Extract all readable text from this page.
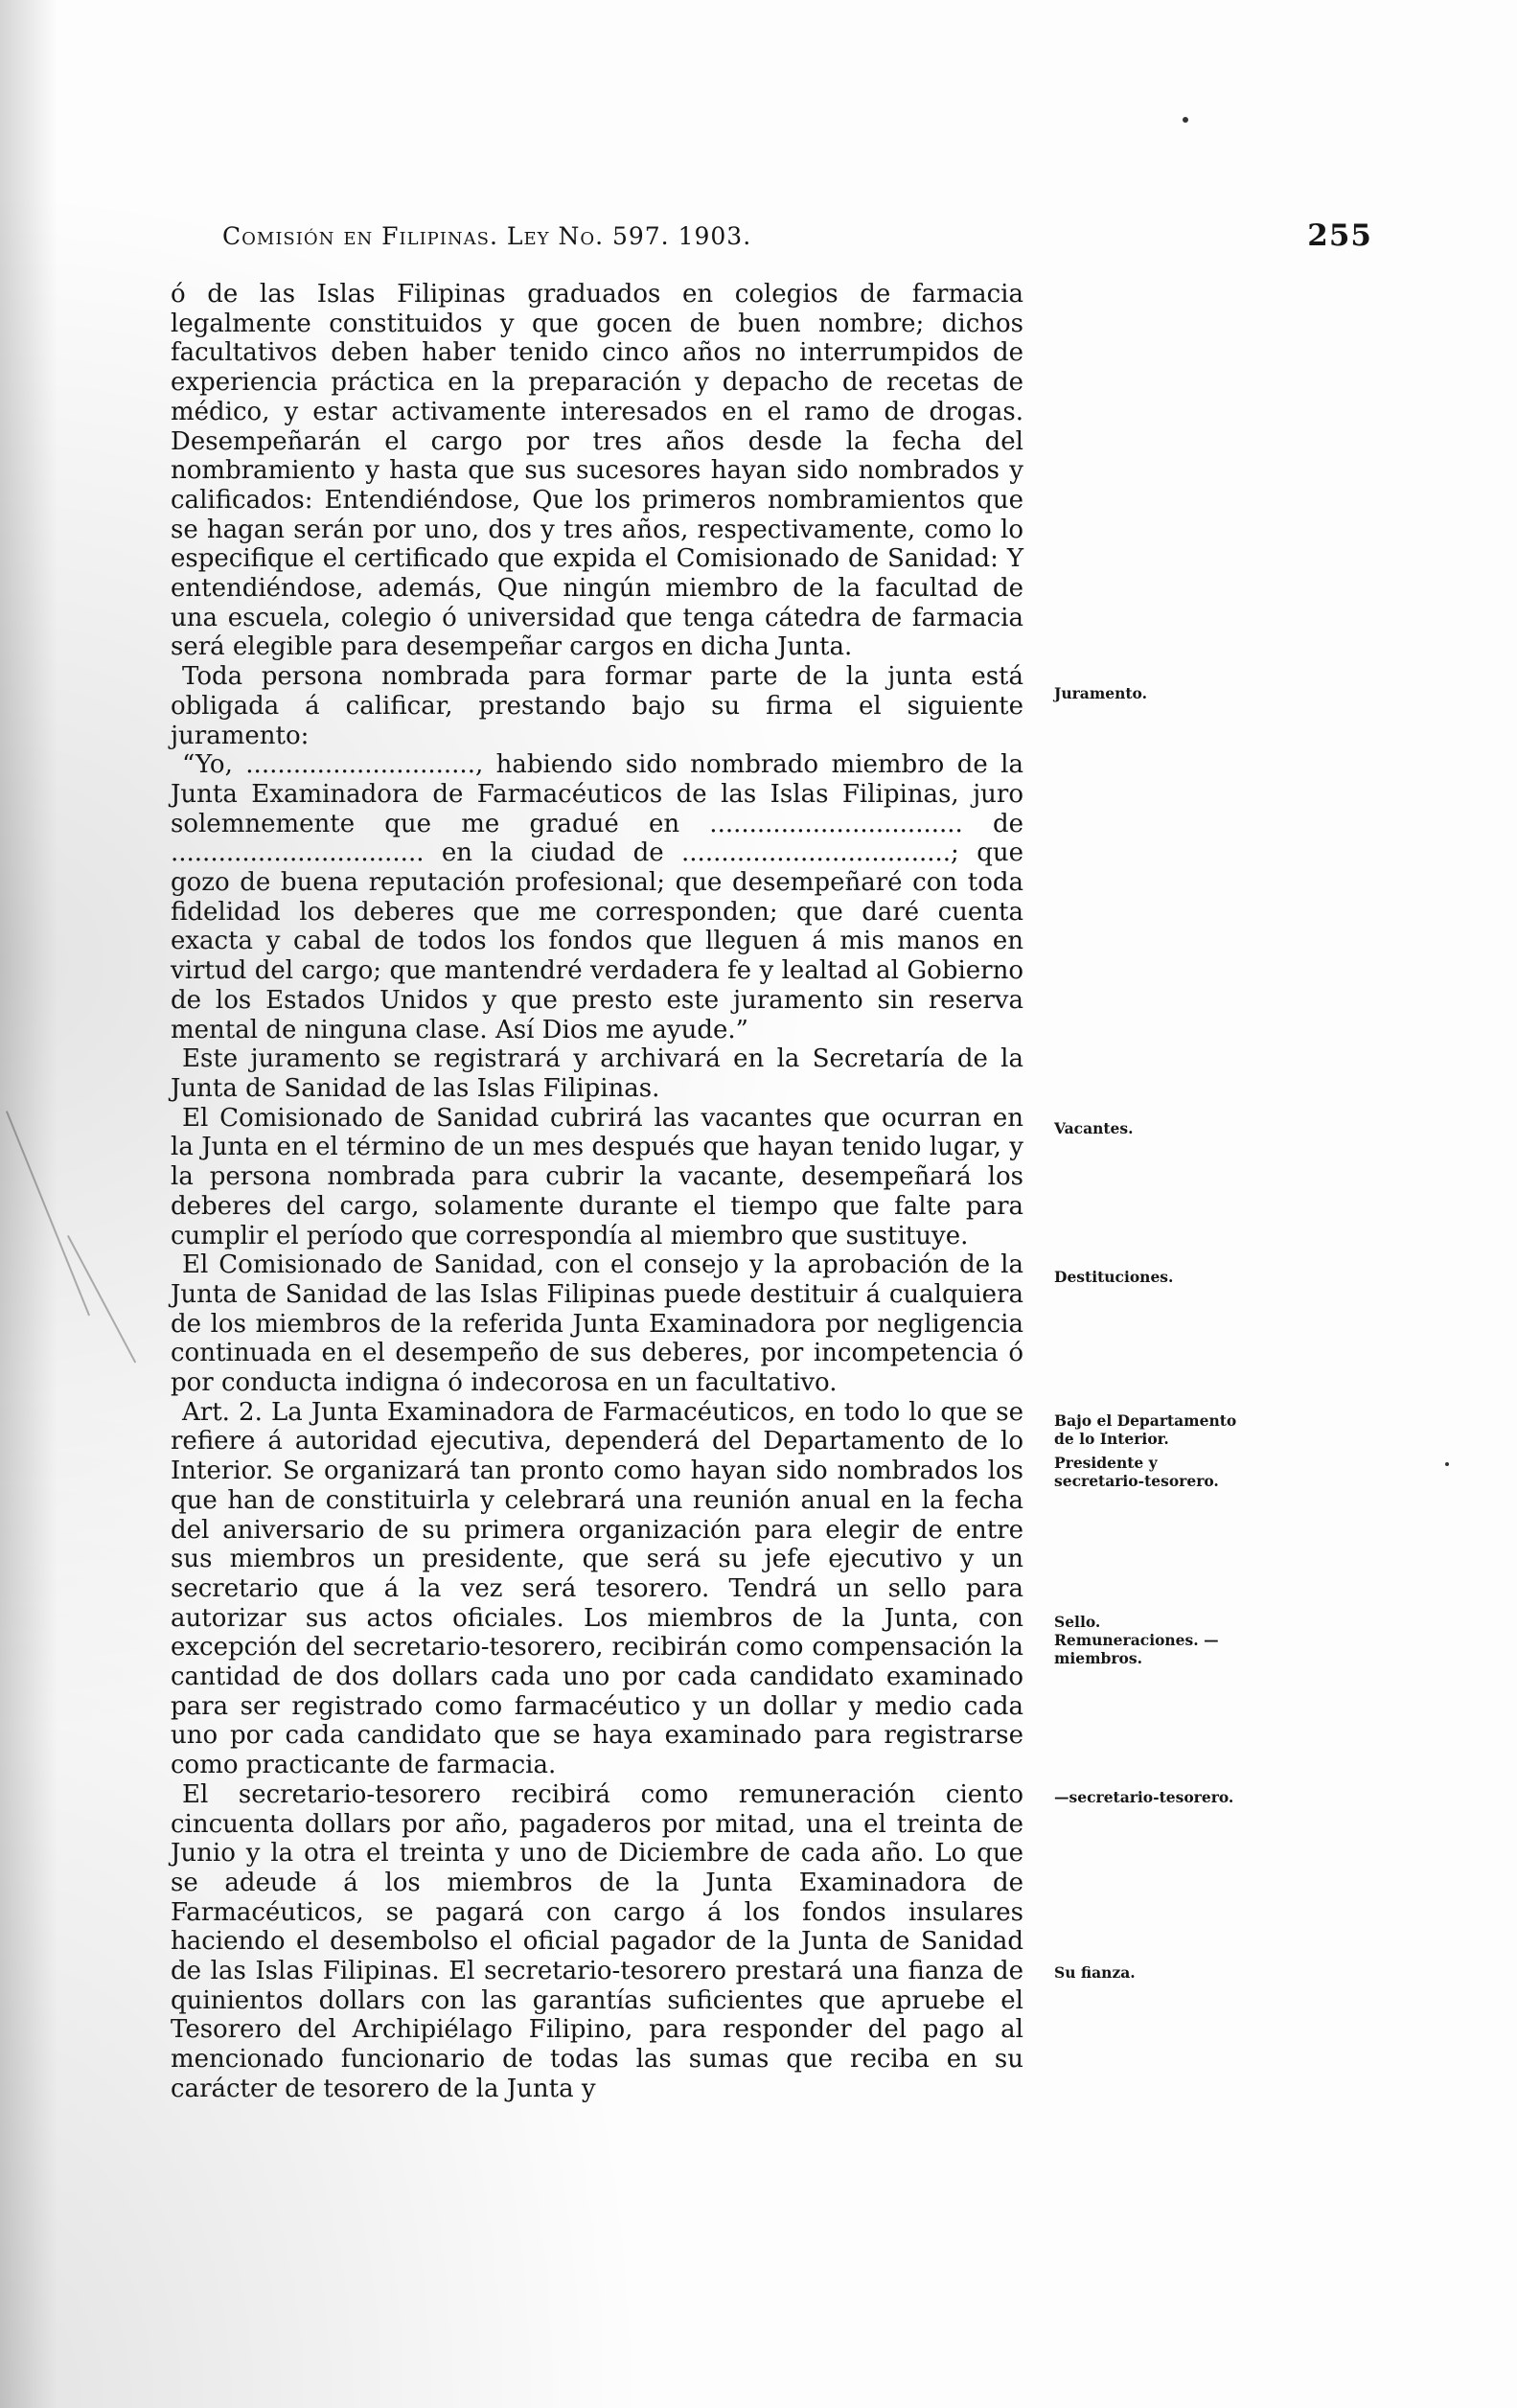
Comisión en Filipinas. Ley No. 597. 1903.	255

ó de las Islas Filipinas graduados en colegios de farmacia legalmente constituidos y que gocen de buen nombre; dichos facultativos deben haber tenido cinco años no interrumpidos de experiencia práctica en la preparación y depacho de recetas de médico, y estar activamente interesados en el ramo de drogas. Desempeñarán el cargo por tres años desde la fecha del nombramiento y hasta que sus sucesores hayan sido nombrados y calificados: Entendiéndose, Que los primeros nombramientos que se hagan serán por uno, dos y tres años, respectivamente, como lo especifique el certificado que expida el Comisionado de Sanidad: Y entendiéndose, además, Que ningún miembro de la facultad de una escuela, colegio ó universidad que tenga cátedra de farmacia será elegible para desempeñar cargos en dicha Junta.

Toda persona nombrada para formar parte de la junta está obligada á calificar, prestando bajo su firma el siguiente juramento:

“Yo, ............................., habiendo sido nombrado miembro de la Junta Examinadora de Farmacéuticos de las Islas Filipinas, juro solemnemente que me gradué en ................................ de ................................ en la ciudad de ..................................; que gozo de buena reputación profesional; que desempeñaré con toda fidelidad los deberes que me corresponden; que daré cuenta exacta y cabal de todos los fondos que lleguen á mis manos en virtud del cargo; que mantendré verdadera fe y lealtad al Gobierno de los Estados Unidos y que presto este juramento sin reserva mental de ninguna clase. Así Dios me ayude.”

Este juramento se registrará y archivará en la Secretaría de la Junta de Sanidad de las Islas Filipinas.

El Comisionado de Sanidad cubrirá las vacantes que ocurran en la Junta en el término de un mes después que hayan tenido lugar, y la persona nombrada para cubrir la vacante, desempeñará los deberes del cargo, solamente durante el tiempo que falte para cumplir el período que correspondía al miembro que sustituye.

El Comisionado de Sanidad, con el consejo y la aprobación de la Junta de Sanidad de las Islas Filipinas puede destituir á cualquiera de los miembros de la referida Junta Examinadora por negligencia continuada en el desempeño de sus deberes, por incompetencia ó por conducta indigna ó indecorosa en un facultativo.

Art. 2. La Junta Examinadora de Farmacéuticos, en todo lo que se refiere á autoridad ejecutiva, dependerá del Departamento de lo Interior. Se organizará tan pronto como hayan sido nombrados los que han de constituirla y celebrará una reunión anual en la fecha del aniversario de su primera organización para elegir de entre sus miembros un presidente, que será su jefe ejecutivo y un secretario que á la vez será tesorero. Tendrá un sello para autorizar sus actos oficiales. Los miembros de la Junta, con excepción del secretario-tesorero, recibirán como compensación la cantidad de dos dollars cada uno por cada candidato examinado para ser registrado como farmacéutico y un dollar y medio cada uno por cada candidato que se haya examinado para registrarse como practicante de farmacia.

El secretario-tesorero recibirá como remuneración ciento cincuenta dollars por año, pagaderos por mitad, una el treinta de Junio y la otra el treinta y uno de Diciembre de cada año. Lo que se adeude á los miembros de la Junta Examinadora de Farmacéuticos, se pagará con cargo á los fondos insulares haciendo el desembolso el oficial pagador de la Junta de Sanidad de las Islas Filipinas. El secretario-tesorero prestará una fianza de quinientos dollars con las garantías suficientes que apruebe el Tesorero del Archipiélago Filipino, para responder del pago al mencionado funcionario de todas las sumas que reciba en su carácter de tesorero de la Junta y

Juramento.
Vacantes.
Destituciones.
Bajo el Departamento de lo Interior.
Presidente y secretario-tesorero.
Sello.
Remuneraciones. —miembros.
—secretario-tesorero.
Su fianza.
